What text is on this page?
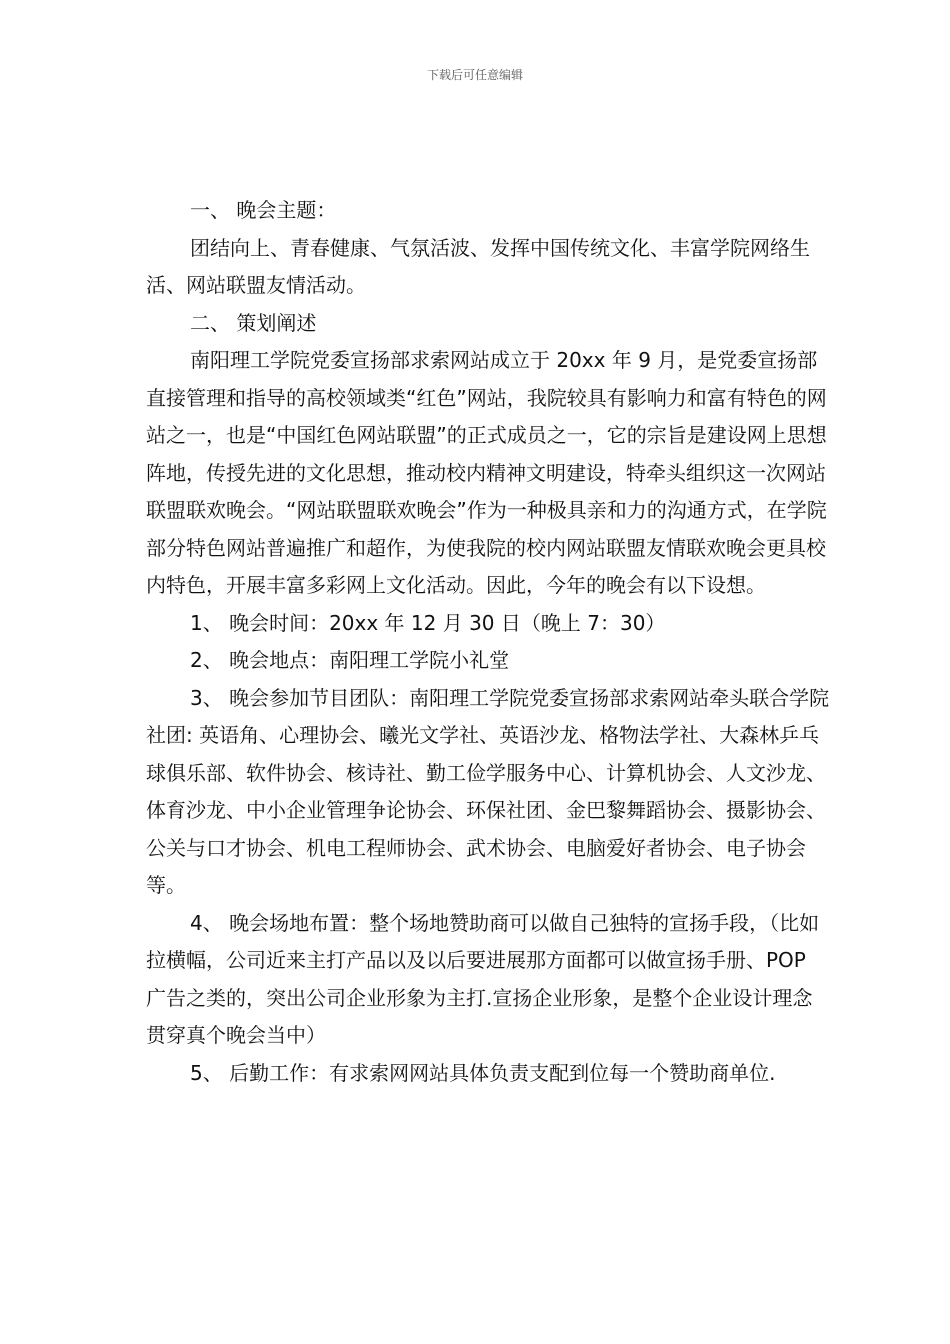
下载后可任意编辑

一、 晚会主题：

团结向上、青春健康、气氛活波、发挥中国传统文化、丰富学院网络生活、网站联盟友情活动。

二、 策划阐述

南阳理工学院党委宣扬部求索网站成立于 20xx 年 9 月，是党委宣扬部直接管理和指导的高校领域类“红色”网站，我院较具有影响力和富有特色的网站之一，也是“中国红色网站联盟”的正式成员之一，它的宗旨是建设网上思想阵地，传授先进的文化思想，推动校内精神文明建设，特牵头组织这一次网站联盟联欢晚会。“网站联盟联欢晚会”作为一种极具亲和力的沟通方式，在学院部分特色网站普遍推广和超作，为使我院的校内网站联盟友情联欢晚会更具校内特色，开展丰富多彩网上文化活动。因此，今年的晚会有以下设想。

1、 晚会时间：20xx 年 12 月 30 日（晚上 7：30）

2、 晚会地点：南阳理工学院小礼堂

3、 晚会参加节目团队：南阳理工学院党委宣扬部求索网站牵头联合学院社团: 英语角、心理协会、曦光文学社、英语沙龙、格物法学社、大森林乒乓球俱乐部、软件协会、核诗社、勤工俭学服务中心、计算机协会、人文沙龙、体育沙龙、中小企业管理争论协会、环保社团、金巴黎舞蹈协会、摄影协会、公关与口才协会、机电工程师协会、武术协会、电脑爱好者协会、电子协会等。

4、 晚会场地布置：整个场地赞助商可以做自己独特的宣扬手段，（比如拉横幅，公司近来主打产品以及以后要进展那方面都可以做宣扬手册、POP 广告之类的，突出公司企业形象为主打.宣扬企业形象，是整个企业设计理念贯穿真个晚会当中）

5、 后勤工作：有求索网网站具体负责支配到位每一个赞助商单位.
